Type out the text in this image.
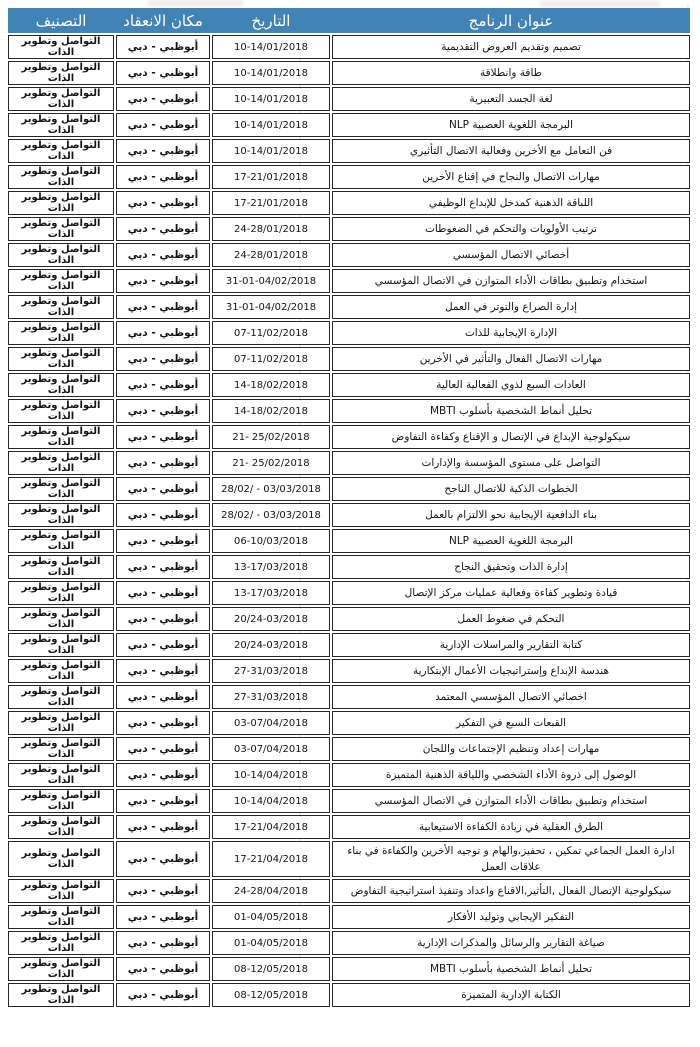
عنوان الرنامج
التاريخ
مكان الانعقاد
التصنيف
تصميم وتقديم العروض التقديمية
10-14/01/2018
أبوظبي - دبي
التواصل وتطوير الذات
طاقة وانطلاقة
10-14/01/2018
أبوظبي - دبي
التواصل وتطوير الذات
لغة الجسد التعبيرية
10-14/01/2018
أبوظبي - دبي
التواصل وتطوير الذات
البرمجة اللغوية العصبية NLP
10-14/01/2018
أبوظبي - دبي
التواصل وتطوير الذات
فن التعامل مع الأخرين وفعالية الاتصال التأثيري
10-14/01/2018
أبوظبي - دبي
التواصل وتطوير الذات
مهارات الاتصال والنجاح في إقناع الأخرين
17-21/01/2018
أبوظبي - دبي
التواصل وتطوير الذات
اللباقة الذهنية كمدخل للإبداع الوظيفي
17-21/01/2018
أبوظبي - دبي
التواصل وتطوير الذات
ترتيب الأولويات والتحكم في الضغوطات
24-28/01/2018
أبوظبي - دبي
التواصل وتطوير الذات
أخصائي الاتصال المؤسسي
24-28/01/2018
أبوظبي - دبي
التواصل وتطوير الذات
استخدام وتطبيق بطاقات الأداء المتوازن في الاتصال المؤسسي
31-01-04/02/2018
أبوظبي - دبي
التواصل وتطوير الذات
إدارة الصراع والتوتر في العمل
31-01-04/02/2018
أبوظبي - دبي
التواصل وتطوير الذات
الإدارة الإيجابية للذات
07-11/02/2018
أبوظبي - دبي
التواصل وتطوير الذات
مهارات الاتصال الفعال والتأثير في الأخرين
07-11/02/2018
أبوظبي - دبي
التواصل وتطوير الذات
العادات السبع لذوي الفعالية العالية
14-18/02/2018
أبوظبي - دبي
التواصل وتطوير الذات
تحليل أنماط الشخصية بأسلوب MBTI
14-18/02/2018
أبوظبي - دبي
التواصل وتطوير الذات
سيكولوجية الإبداع في الإتصال و الإقناع وكفاءة التفاوض
21- 25/02/2018
أبوظبي - دبي
التواصل وتطوير الذات
التواصل على مستوى المؤسسة والإدارات
21- 25/02/2018
أبوظبي - دبي
التواصل وتطوير الذات
الخطوات الذكية للاتصال الناجح
28/02/ - 03/03/2018
أبوظبي - دبي
التواصل وتطوير الذات
بناء الدافعية الإيجابية نحو الالتزام بالعمل
28/02/ - 03/03/2018
أبوظبي - دبي
التواصل وتطوير الذات
البرمجة اللغوية العصبية NLP
06-10/03/2018
أبوظبي - دبي
التواصل وتطوير الذات
إدارة الذات وتحقيق النجاح
13-17/03/2018
أبوظبي - دبي
التواصل وتطوير الذات
قيادة وتطوير كفاءة وفعالية عمليات مركز الإتصال
13-17/03/2018
أبوظبي - دبي
التواصل وتطوير الذات
التحكم في ضغوط العمل
20/24-03/2018
أبوظبي - دبي
التواصل وتطوير الذات
كتابة التقارير والمراسلات الإدارية
20/24-03/2018
أبوظبي - دبي
التواصل وتطوير الذات
هندسة الإبداع وإستراتيجيات الأعمال الإبتكارية
27-31/03/2018
أبوظبي - دبي
التواصل وتطوير الذات
اخصائي الاتصال المؤسسي المعتمد
27-31/03/2018
أبوظبي - دبي
التواصل وتطوير الذات
القبعات السبع في التفكير
03-07/04/2018
أبوظبي - دبي
التواصل وتطوير الذات
مهارات إعداد وتنظيم الإجتماعات واللجان
03-07/04/2018
أبوظبي - دبي
التواصل وتطوير الذات
الوصول إلى ذروة الأداء الشخصي واللياقة الذهنية المتميزة
10-14/04/2018
أبوظبي - دبي
التواصل وتطوير الذات
استخدام وتطبيق بطاقات الأداء المتوازن في الاتصال المؤسسي
10-14/04/2018
أبوظبي - دبي
التواصل وتطوير الذات
الطرق العقلية في زيادة الكفاءة الاستيعابية
17-21/04/2018
أبوظبي - دبي
التواصل وتطوير الذات
ادارة العمل الجماعي تمكين ، تحفيز،والهام و توجيه الأخرين والكفاءة في بناء علاقات العمل
17-21/04/2018
أبوظبي - دبي
التواصل وتطوير الذات
سيكولوجية الإتصال الفعال ,التأثير,الاقناع واعداد وتنفيذ استراتيجية التفاوض
24-28/04/2018
أبوظبي - دبي
التواصل وتطوير الذات
التفكير الإيجابي وتوليد الأفكار
01-04/05/2018
أبوظبي - دبي
التواصل وتطوير الذات
صياغة التقارير والرسائل والمذكرات الإدارية
01-04/05/2018
أبوظبي - دبي
التواصل وتطوير الذات
تحليل أنماط الشخصية بأسلوب MBTI
08-12/05/2018
أبوظبي - دبي
التواصل وتطوير الذات
الكتابة الإدارية المتميزة
08-12/05/2018
أبوظبي - دبي
التواصل وتطوير الذات
